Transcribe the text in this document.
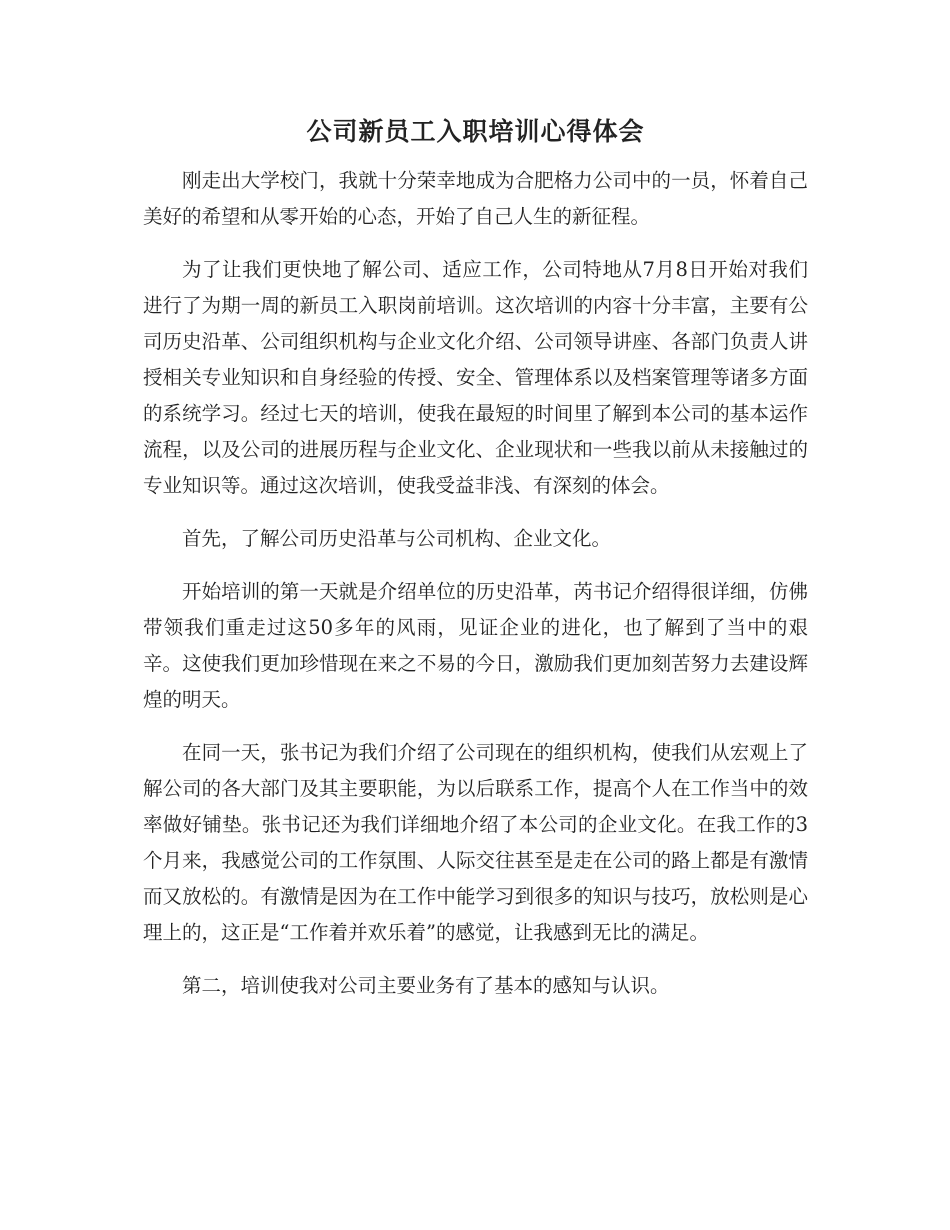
公司新员工入职培训心得体会

刚走出大学校门，我就十分荣幸地成为合肥格力公司中的一员，怀着自己美好的希望和从零开始的心态，开始了自己人生的新征程。

为了让我们更快地了解公司、适应工作，公司特地从7月8日开始对我们进行了为期一周的新员工入职岗前培训。这次培训的内容十分丰富，主要有公司历史沿革、公司组织机构与企业文化介绍、公司领导讲座、各部门负责人讲授相关专业知识和自身经验的传授、安全、管理体系以及档案管理等诸多方面的系统学习。经过七天的培训，使我在最短的时间里了解到本公司的基本运作流程，以及公司的进展历程与企业文化、企业现状和一些我以前从未接触过的专业知识等。通过这次培训，使我受益非浅、有深刻的体会。

首先，了解公司历史沿革与公司机构、企业文化。

开始培训的第一天就是介绍单位的历史沿革，芮书记介绍得很详细，仿佛带领我们重走过这50多年的风雨，见证企业的进化，也了解到了当中的艰辛。这使我们更加珍惜现在来之不易的今日，激励我们更加刻苦努力去建设辉煌的明天。

在同一天，张书记为我们介绍了公司现在的组织机构，使我们从宏观上了解公司的各大部门及其主要职能，为以后联系工作，提高个人在工作当中的效率做好铺垫。张书记还为我们详细地介绍了本公司的企业文化。在我工作的3个月来，我感觉公司的工作氛围、人际交往甚至是走在公司的路上都是有激情而又放松的。有激情是因为在工作中能学习到很多的知识与技巧，放松则是心理上的，这正是“工作着并欢乐着”的感觉，让我感到无比的满足。

第二，培训使我对公司主要业务有了基本的感知与认识。
